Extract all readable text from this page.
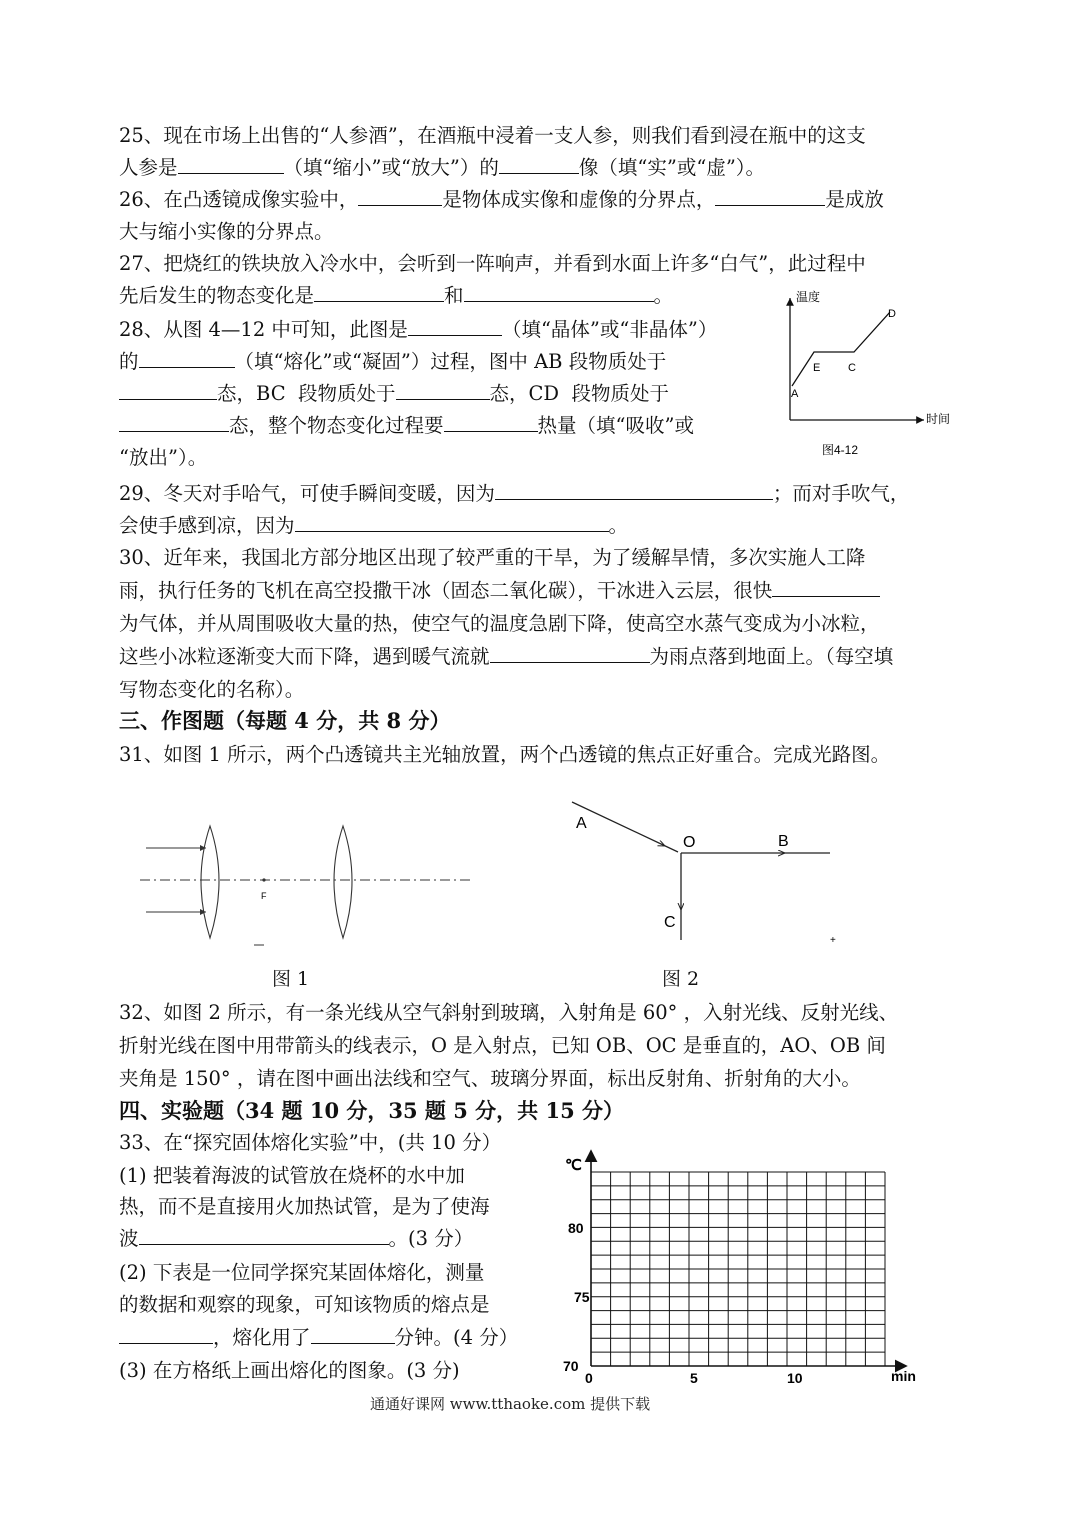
25、现在市场上出售的“人参酒”，在酒瓶中浸着一支人参，则我们看到浸在瓶中的这支
人参是	（填“缩小”或“放大”）的	像（填“实”或“虚”）。
26、在凸透镜成像实验中，	是物体成实像和虚像的分界点，	是成放
大与缩小实像的分界点。
27、把烧红的铁块放入冷水中，会听到一阵响声，并看到水面上许多“白气”，此过程中
先后发生的物态变化是	和	。
28、从图 4—12 中可知，此图是	（填“晶体”或“非晶体”）
的	（填“熔化”或“凝固”）过程，图中 AB 段物质处于
态，BC  段物质处于	态，CD  段物质处于
态，整个物态变化过程要	热量（填“吸收”或
“放出”）。
温度
时间
A
E	C
D
图4-12
29、冬天对手哈气，可使手瞬间变暖，因为	；而对手吹气，
会使手感到凉，因为	。
30、近年来，我国北方部分地区出现了较严重的干旱，为了缓解旱情，多次实施人工降
雨，执行任务的飞机在高空投撒干冰（固态二氧化碳），干冰进入云层，很快
为气体，并从周围吸收大量的热，使空气的温度急剧下降，使高空水蒸气变成为小冰粒，
这些小冰粒逐渐变大而下降，遇到暖气流就	为雨点落到地面上。（每空填
写物态变化的名称）。
三、作图题（每题 4 分，共 8 分）
31、如图 1 所示，两个凸透镜共主光轴放置，两个凸透镜的焦点正好重合。完成光路图。
F
图 1
A
O	B
C
+
图 2
32、如图 2 所示，有一条光线从空气斜射到玻璃，入射角是 60° ，入射光线、反射光线、
折射光线在图中用带箭头的线表示，O 是入射点，已知 OB、OC 是垂直的，AO、OB 间
夹角是 150° ，请在图中画出法线和空气、玻璃分界面，标出反射角、折射角的大小。
四、实验题（34 题 10 分，35 题 5 分，共 15 分）
33、在“探究固体熔化实验”中，(共 10 分）
(1) 把装着海波的试管放在烧杯的水中加
热，而不是直接用火加热试管，是为了使海
波	。(3 分）
(2) 下表是一位同学探究某固体熔化，测量
的数据和观察的现象，可知该物质的熔点是
，熔化用了	分钟。(4 分）
(3) 在方格纸上画出熔化的图象。(3 分)
℃
min
80
75
70
0	5	10
通通好课网 www.tthaoke.com 提供下载
